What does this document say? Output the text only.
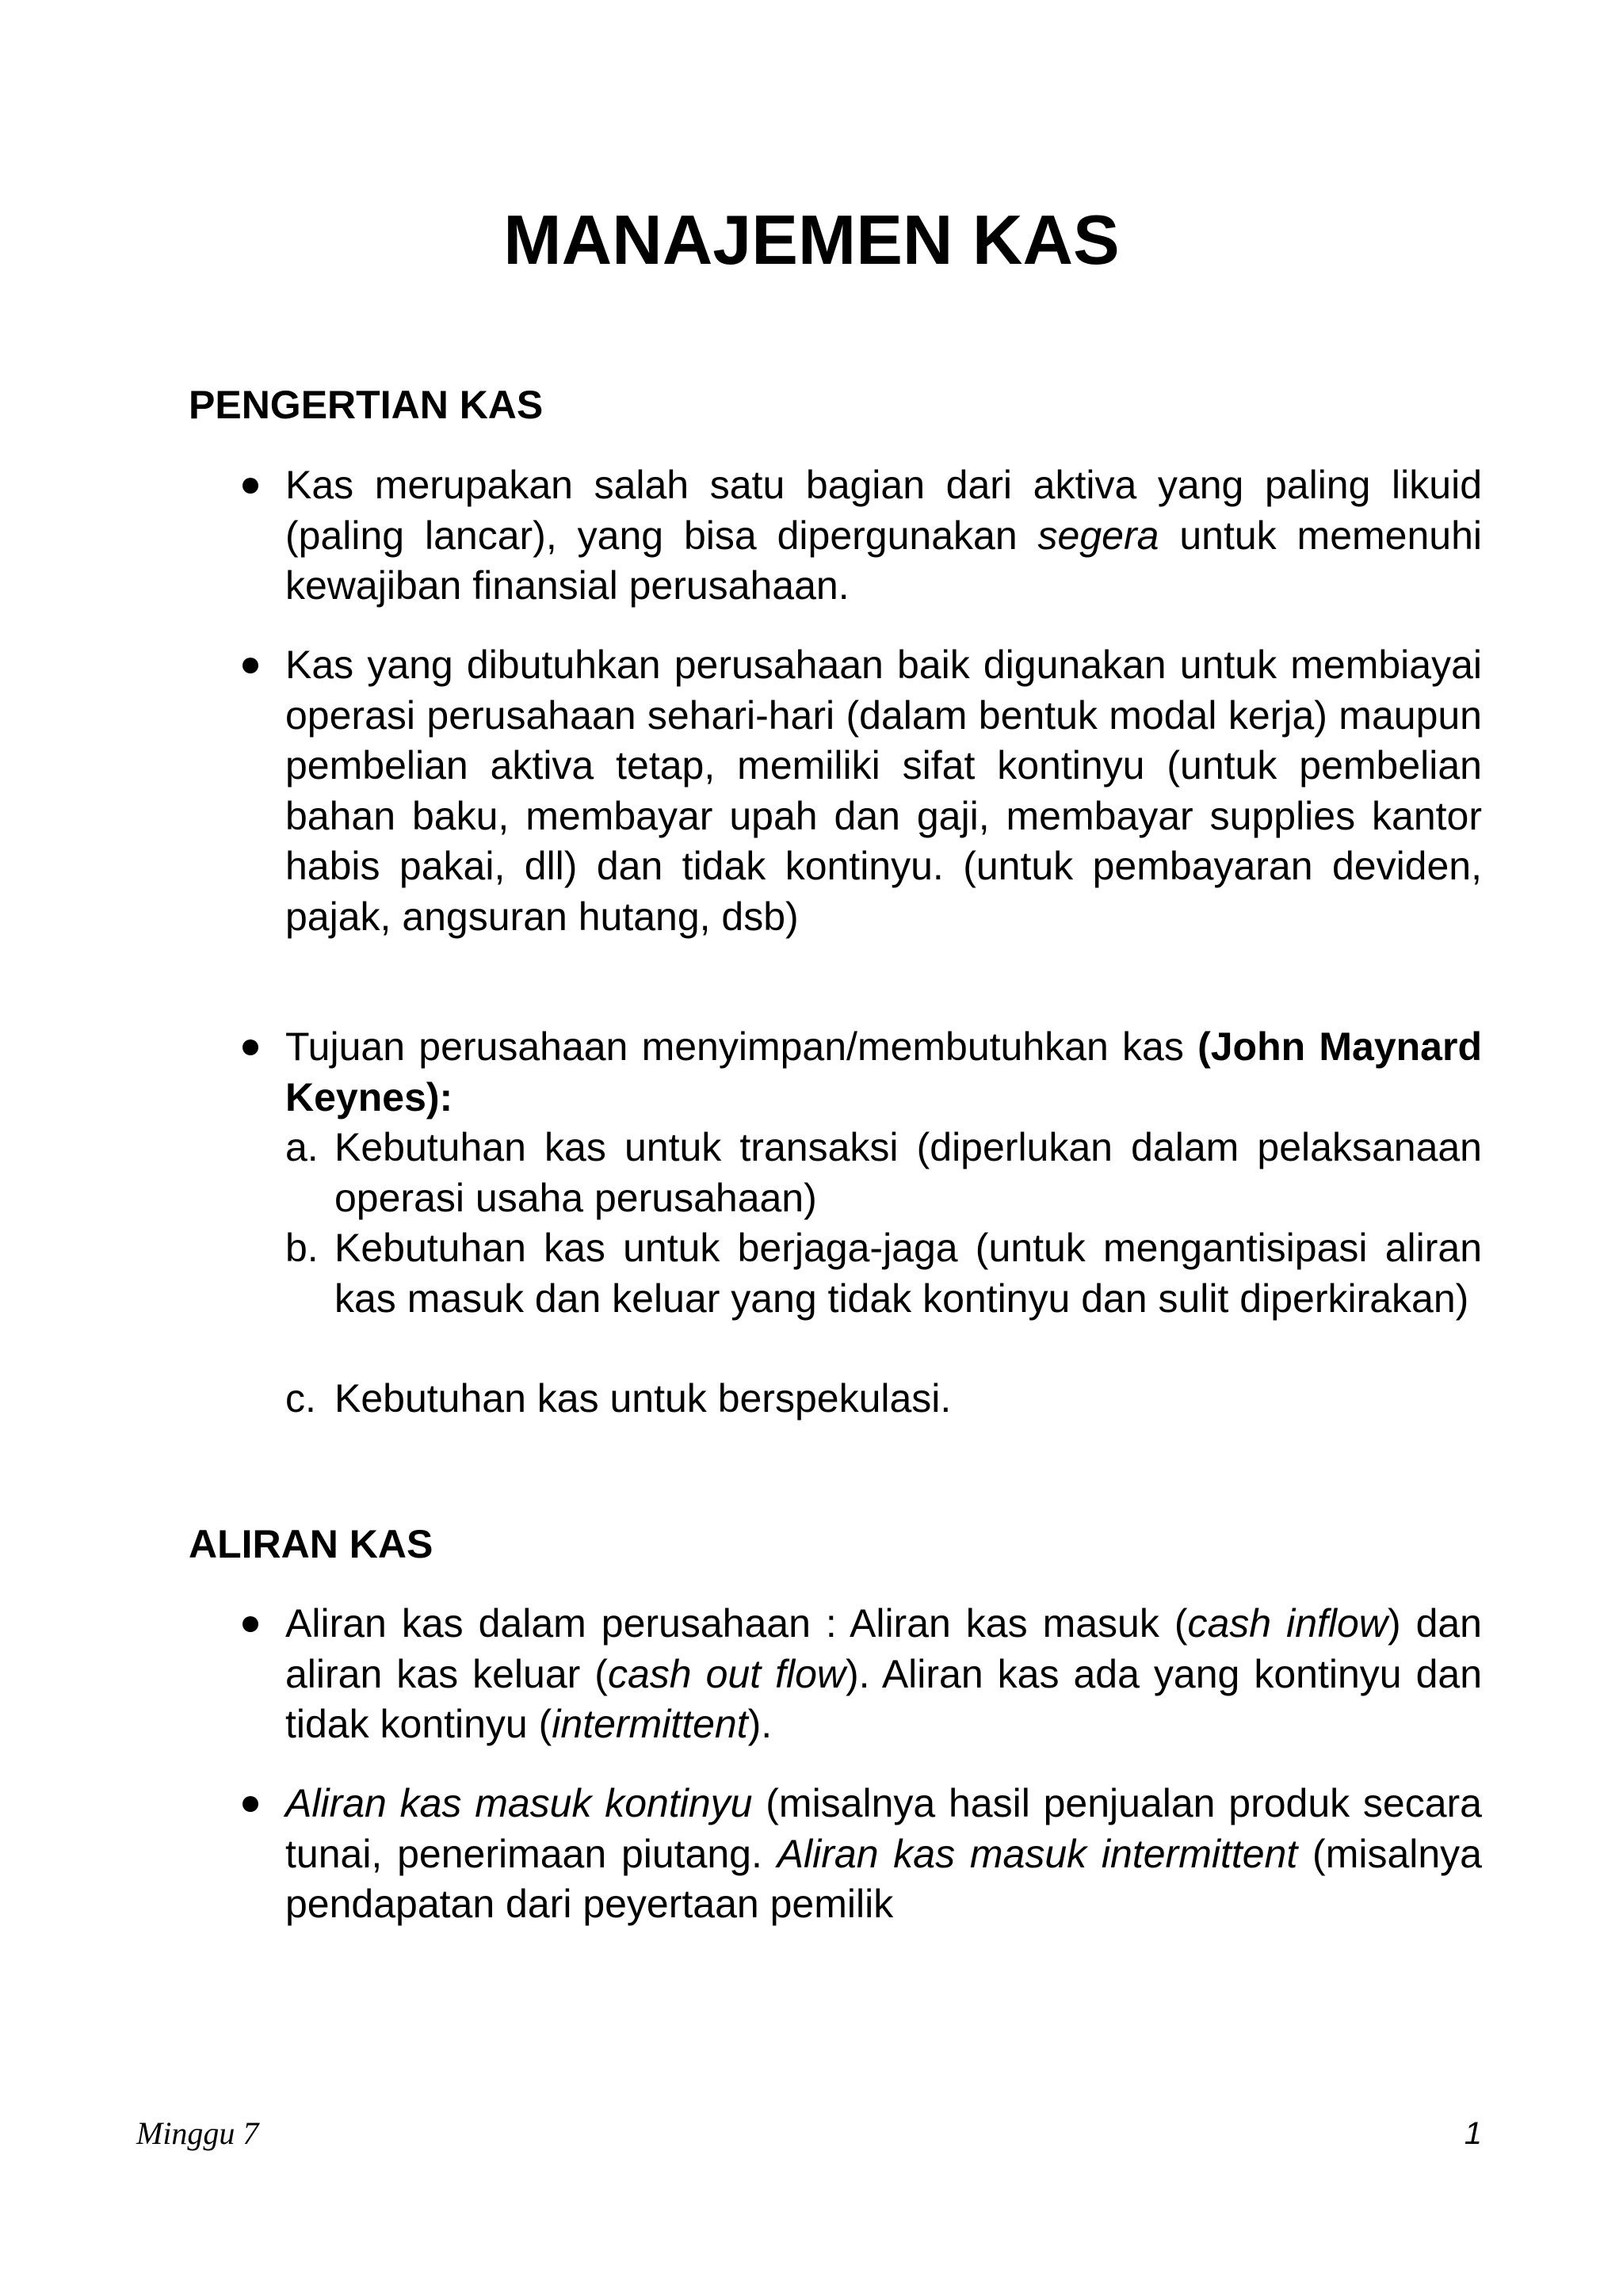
MANAJEMEN KAS
PENGERTIAN KAS

Kas merupakan salah satu bagian dari aktiva yang paling likuid (paling lancar), yang bisa dipergunakan segera untuk memenuhi kewajiban finansial perusahaan.

Kas yang dibutuhkan perusahaan baik digunakan untuk membiayai operasi perusahaan sehari-hari (dalam bentuk modal kerja) maupun pembelian aktiva tetap, memiliki sifat kontinyu (untuk pembelian bahan baku, membayar upah dan gaji, membayar supplies kantor habis pakai, dll) dan tidak kontinyu. (untuk pembayaran deviden, pajak, angsuran hutang, dsb)

Tujuan perusahaan menyimpan/membutuhkan kas (John Maynard Keynes):

a. Kebutuhan kas untuk transaksi (diperlukan dalam pelaksanaan operasi usaha perusahaan)
b. Kebutuhan kas untuk berjaga-jaga (untuk mengantisipasi aliran kas masuk dan keluar yang tidak kontinyu dan sulit diperkirakan)
c. Kebutuhan kas untuk berspekulasi.
ALIRAN KAS

Aliran kas dalam perusahaan : Aliran kas masuk (cash inflow) dan aliran kas keluar (cash out flow). Aliran kas ada yang kontinyu dan tidak kontinyu (intermittent).

Aliran kas masuk kontinyu (misalnya hasil penjualan produk secara tunai, penerimaan piutang. Aliran kas masuk intermittent (misalnya pendapatan dari peyertaan pemilik

Minggu 7	1
